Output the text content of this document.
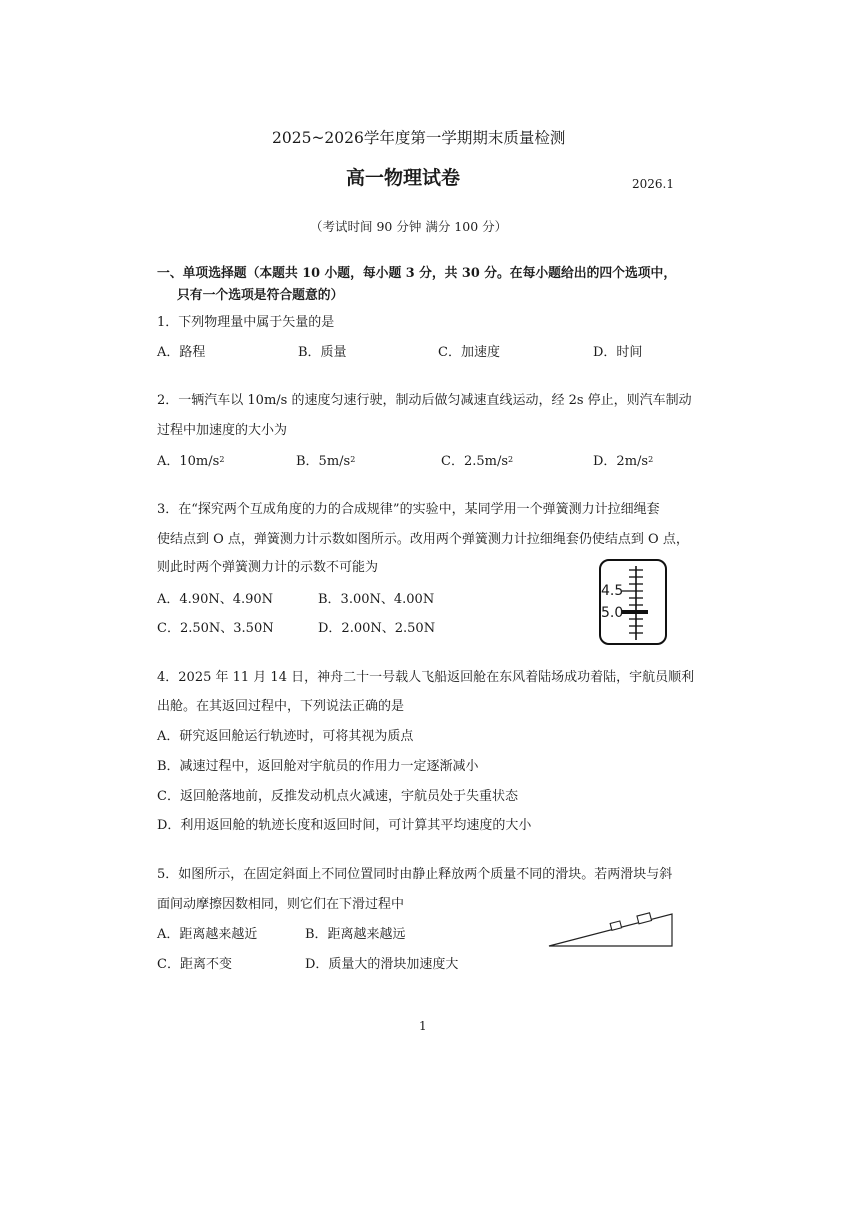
2025~2026学年度第一学期期末质量检测
高一物理试卷	2026.1
（考试时间 90 分钟 满分 100 分）
一、单项选择题（本题共 10 小题，每小题 3 分，共 30 分。在每小题给出的四个选项中，
只有一个选项是符合题意的）
1．下列物理量中属于矢量的是
A．路程	B．质量	C．加速度	D．时间
2．一辆汽车以 10m/s 的速度匀速行驶，制动后做匀减速直线运动，经 2s 停止，则汽车制动
过程中加速度的大小为
A．$10m/s^2$	B．$5m/s^2$	C．$2.5m/s^2$	D．$2m/s^2$
3．在“探究两个互成角度的力的合成规律”的实验中，某同学用一个弹簧测力计拉细绳套
使结点到 O 点，弹簧测力计示数如图所示。改用两个弹簧测力计拉细绳套仍使结点到 O 点，
则此时两个弹簧测力计的示数不可能为
A．4.90N、4.90N	B．3.00N、4.00N
C．2.50N、3.50N	D．2.00N、2.50N
4.5
5.0
4．2025 年 11 月 14 日，神舟二十一号载人飞船返回舱在东风着陆场成功着陆，宇航员顺利
出舱。在其返回过程中，下列说法正确的是
A．研究返回舱运行轨迹时，可将其视为质点
B．减速过程中，返回舱对宇航员的作用力一定逐渐减小
C．返回舱落地前，反推发动机点火减速，宇航员处于失重状态
D．利用返回舱的轨迹长度和返回时间，可计算其平均速度的大小
5．如图所示，在固定斜面上不同位置同时由静止释放两个质量不同的滑块。若两滑块与斜
面间动摩擦因数相同，则它们在下滑过程中
A．距离越来越近	B．距离越来越远
C．距离不变	D．质量大的滑块加速度大
1
